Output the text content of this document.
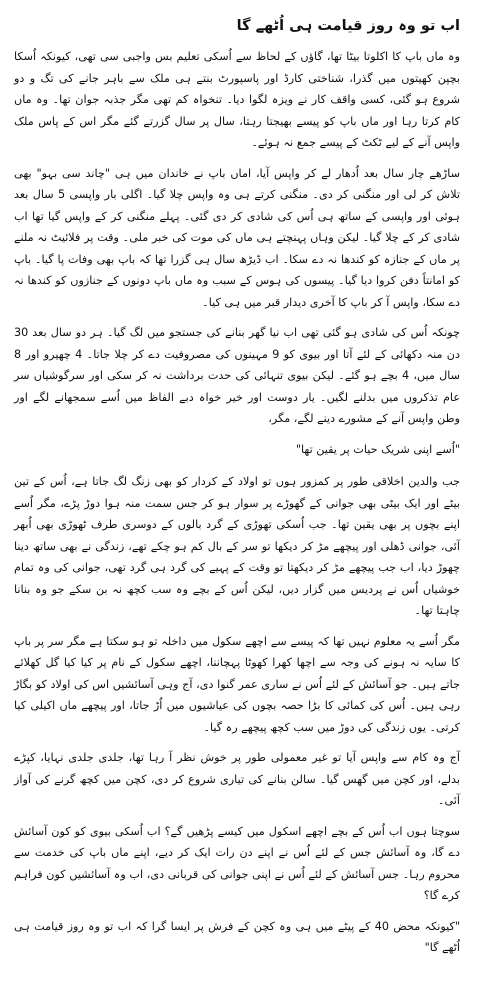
اب تو وہ روز قیامت ہی اُٹھے گا

وہ ماں باپ کا اکلوتا بیٹا تھا، گاؤں کے لحاظ سے اُسکی تعلیم بس واجبی سی تھی، کیونکہ اُسکا بچپن کھیتوں میں گذرا، شناختی کارڈ اور پاسپورٹ بنتے ہی ملک سے باہر جانے کی تگ و دو شروع ہو گئی، کسی واقف کار نے ویزہ لگوا دیا۔ تنخواہ کم تھی مگر جذبہ جوان تھا۔ وہ ماں کام کرتا رہا اور ماں باپ کو پیسے بھیجتا رہتا، سال پر سال گزرتے گئے مگر اس کے پاس ملک واپس آنے کے لیے ٹکٹ کے پیسے جمع نہ ہوئے۔

ساڑھے چار سال بعد اُدھار لے کر واپس آیا، اماں باپ نے خاندان میں ہی "چاند سی بہو" بھی تلاش کر لی اور منگنی کر دی۔ منگنی کرتے ہی وہ واپس چلا گیا۔ اگلی بار واپسی 5 سال بعد ہوئی اور واپسی کے ساتھ ہی اُس کی شادی کر دی گئی۔ پہلے منگنی کر کے واپس گیا تھا اب شادی کر کے چلا گیا۔ لیکن وہاں پہنچتے ہی ماں کی موت کی خبر ملی۔ وقت پر فلائیٹ نہ ملنے پر ماں کے جنازہ کو کندھا نہ دے سکا۔ اب ڈیڑھ سال ہی گزرا تھا کہ باپ بھی وفات پا گیا۔ باپ کو امانتاً دفن کروا دیا گیا۔ پیسوں کی ہوس کے سبب وہ ماں باپ دونوں کے جنازوں کو کندھا نہ دے سکا، واپس آ کر باپ کا آخری دیدار قبر میں ہی کیا۔

چونکہ اُس کی شادی ہو گئی تھی اب نیا گھر بنانے کی جستجو میں لگ گیا۔ ہر دو سال بعد 30 دن منہ دکھائی کے لئے آتا اور بیوی کو 9 مہینوں کی مصروفیت دے کر چلا جاتا۔ 4 چھیرو اور 8 سال میں، 4 بچے ہو گئے۔ لیکن بیوی تنہائی کی حدت برداشت نہ کر سکی اور سرگوشیاں سر عام تذکروں میں بدلنے لگیں۔ یار دوست اور خیر خواہ دبے الفاظ میں اُسے سمجھانے لگے اور وطن واپس آنے کے مشورے دینے لگے، مگر،

"اُسے اپنی شریک حیات پر یقین تھا"

جب والدین اخلاقی طور پر کمزور ہوں تو اولاد کے کردار کو بھی زنگ لگ جاتا ہے، اُس کے تین بیٹے اور ایک بیٹی بھی جوانی کے گھوڑے پر سوار ہو کر جس سمت منہ ہوا دوڑ پڑے، مگر اُسے اپنے بچوں پر بھی یقین تھا۔ جب اُسکی تھوڑی کے گرد بالوں کے دوسری طرف ٹھوڑی بھی اُبھر آئی، جوانی ڈھلی اور پیچھے مڑ کر دیکھا تو سر کے بال کم ہو چکے تھے، زندگی نے بھی ساتھ دینا چھوڑ دیا، اب جب پیچھے مڑ کر دیکھتا تو وقت کے پہیے کی گرد ہی گرد تھی، جوانی کی وہ تمام خوشیاں اُس نے پردیس میں گزار دیں، لیکن اُس کے بچے وہ سب کچھ نہ بن سکے جو وہ بنانا چاہتا تھا۔

مگر اُسے یہ معلوم نہیں تھا کہ پیسے سے اچھے سکول میں داخلہ تو ہو سکتا ہے مگر سر پر باپ کا سایہ نہ ہونے کی وجہ سے اچھا کھرا کھوٹا پہچاننا، اچھے سکول کے نام پر کیا کیا گل کھلائے جاتے ہیں۔ جو آسائش کے لئے اُس نے ساری عمر گنوا دی، آج وہی آسائشیں اس کی اولاد کو بگاڑ رہی ہیں۔ اُس کی کمائی کا بڑا حصہ بچوں کی عیاشیوں میں اُڑ جاتا، اور پیچھے ماں اکیلی کیا کرتی۔ یوں زندگی کی دوڑ میں سب کچھ پیچھے رہ گیا۔

آج وہ کام سے واپس آیا تو غیر معمولی طور پر خوش نظر آ رہا تھا، جلدی جلدی نہایا، کپڑے بدلے، اور کچن میں گھس گیا۔ سالن بنانے کی تیاری شروع کر دی، کچن میں کچھ گرنے کی آواز آئی۔

سوچتا ہوں اب اُس کے بچے اچھے اسکول میں کیسے پڑھیں گے؟ اب اُسکی بیوی کو کون آسائش دے گا، وہ آسائش جس کے لئے اُس نے اپنے دن رات ایک کر دیے، اپنے ماں باپ کی خدمت سے محروم رہا۔ جس آسائش کے لئے اُس نے اپنی جوانی کی قربانی دی، اب وہ آسائشیں کون فراہم کرے گا؟

"کیونکہ محض 40 کے پیٹے میں ہی وہ کچن کے فرش پر ایسا گرا کہ اب تو وہ روز قیامت ہی اُٹھے گا"
